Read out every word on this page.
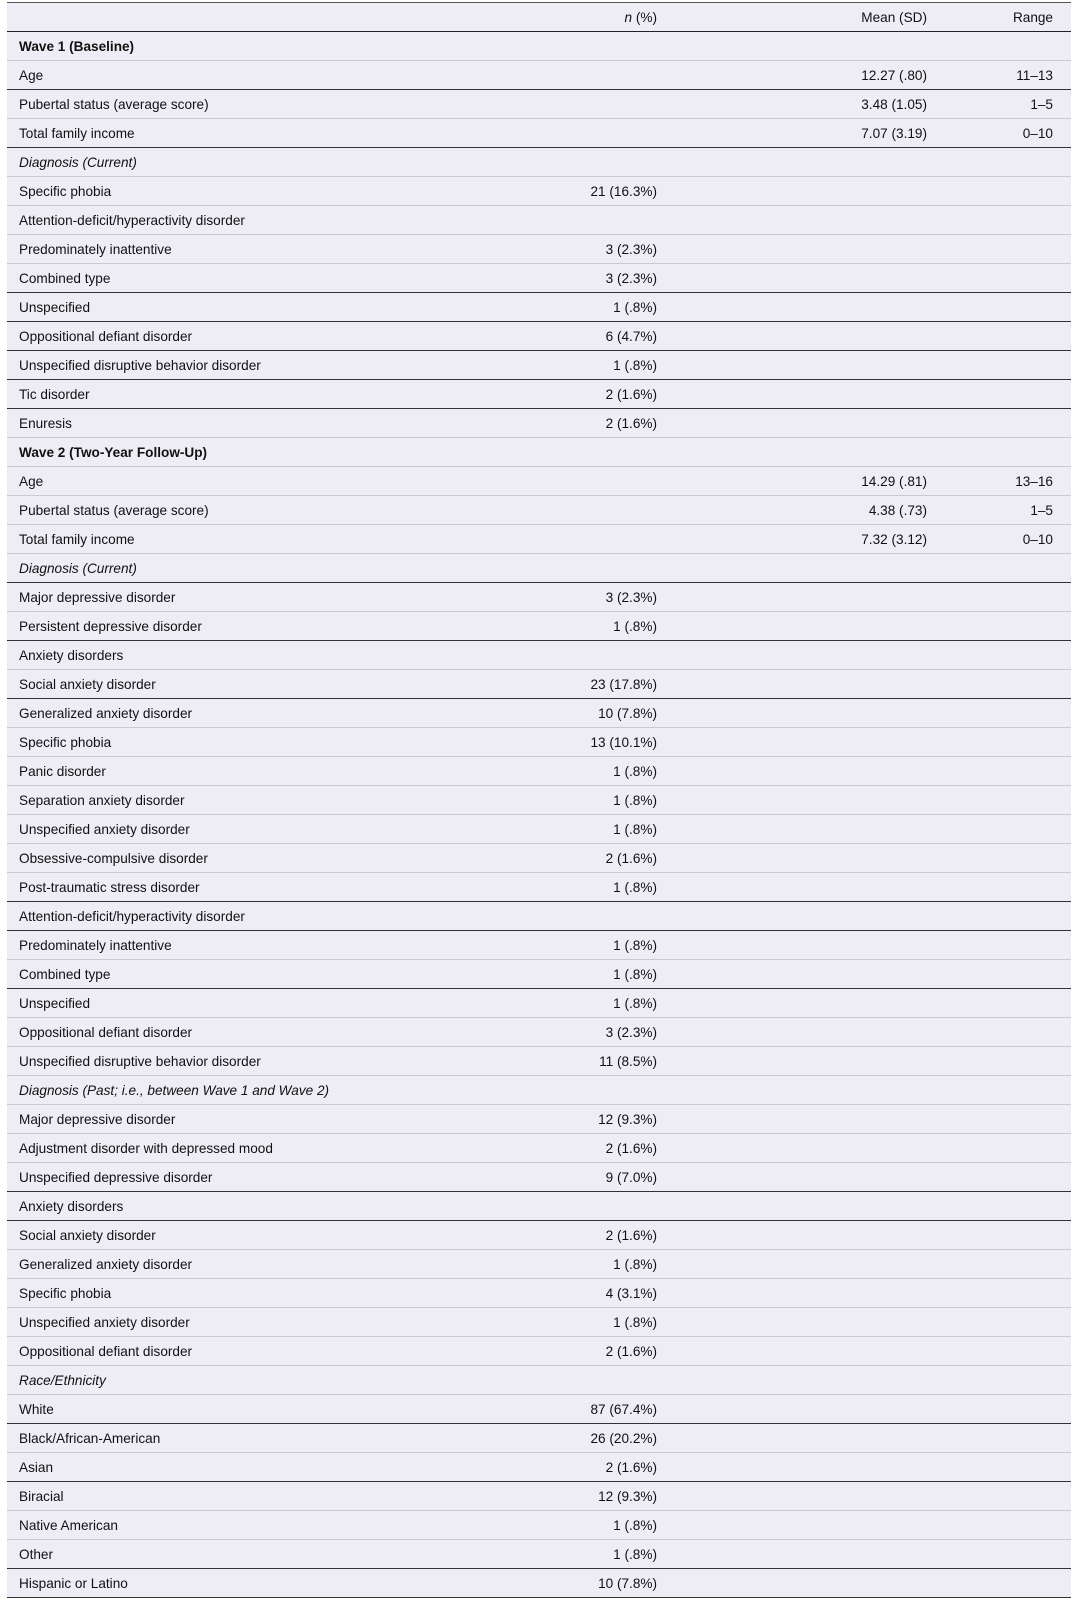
	n (%)	Mean (SD)	Range
Wave 1 (Baseline)			
Age		12.27 (.80)	11–13
Pubertal status (average score)		3.48 (1.05)	1–5
Total family income		7.07 (3.19)	0–10
Diagnosis (Current)			
Specific phobia	21 (16.3%)		
Attention-deficit/hyperactivity disorder			
Predominately inattentive	3 (2.3%)		
Combined type	3 (2.3%)		
Unspecified	1 (.8%)		
Oppositional defiant disorder	6 (4.7%)		
Unspecified disruptive behavior disorder	1 (.8%)		
Tic disorder	2 (1.6%)		
Enuresis	2 (1.6%)		
Wave 2 (Two-Year Follow-Up)			
Age		14.29 (.81)	13–16
Pubertal status (average score)		4.38 (.73)	1–5
Total family income		7.32 (3.12)	0–10
Diagnosis (Current)			
Major depressive disorder	3 (2.3%)		
Persistent depressive disorder	1 (.8%)		
Anxiety disorders			
Social anxiety disorder	23 (17.8%)		
Generalized anxiety disorder	10 (7.8%)		
Specific phobia	13 (10.1%)		
Panic disorder	1 (.8%)		
Separation anxiety disorder	1 (.8%)		
Unspecified anxiety disorder	1 (.8%)		
Obsessive-compulsive disorder	2 (1.6%)		
Post-traumatic stress disorder	1 (.8%)		
Attention-deficit/hyperactivity disorder			
Predominately inattentive	1 (.8%)		
Combined type	1 (.8%)		
Unspecified	1 (.8%)		
Oppositional defiant disorder	3 (2.3%)		
Unspecified disruptive behavior disorder	11 (8.5%)		
Diagnosis (Past; i.e., between Wave 1 and Wave 2)			
Major depressive disorder	12 (9.3%)		
Adjustment disorder with depressed mood	2 (1.6%)		
Unspecified depressive disorder	9 (7.0%)		
Anxiety disorders			
Social anxiety disorder	2 (1.6%)		
Generalized anxiety disorder	1 (.8%)		
Specific phobia	4 (3.1%)		
Unspecified anxiety disorder	1 (.8%)		
Oppositional defiant disorder	2 (1.6%)		
Race/Ethnicity			
White	87 (67.4%)		
Black/African-American	26 (20.2%)		
Asian	2 (1.6%)		
Biracial	12 (9.3%)		
Native American	1 (.8%)		
Other	1 (.8%)		
Hispanic or Latino	10 (7.8%)		
